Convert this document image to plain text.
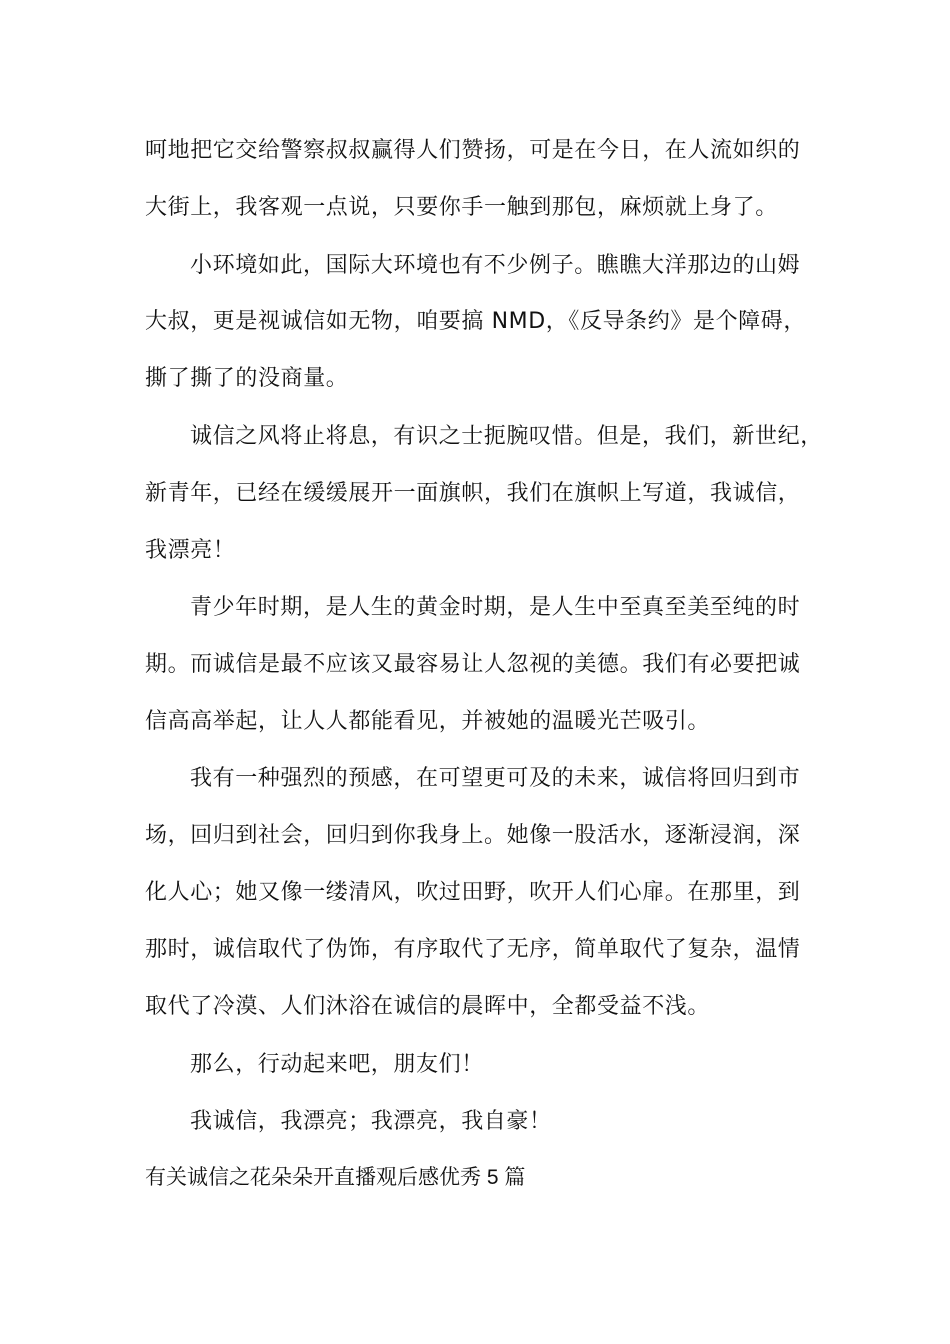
呵地把它交给警察叔叔赢得人们赞扬，可是在今日，在人流如织的
大街上，我客观一点说，只要你手一触到那包，麻烦就上身了。
小环境如此，国际大环境也有不少例子。瞧瞧大洋那边的山姆
大叔，更是视诚信如无物，咱要搞 NMD，《反导条约》是个障碍，
撕了撕了的没商量。
诚信之风将止将息，有识之士扼腕叹惜。但是，我们，新世纪，
新青年，已经在缓缓展开一面旗帜，我们在旗帜上写道，我诚信，
我漂亮！
青少年时期，是人生的黄金时期，是人生中至真至美至纯的时
期。而诚信是最不应该又最容易让人忽视的美德。我们有必要把诚
信高高举起，让人人都能看见，并被她的温暖光芒吸引。
我有一种强烈的预感，在可望更可及的未来，诚信将回归到市
场，回归到社会，回归到你我身上。她像一股活水，逐渐浸润，深
化人心；她又像一缕清风，吹过田野，吹开人们心扉。在那里，到
那时，诚信取代了伪饰，有序取代了无序，简单取代了复杂，温情
取代了冷漠、人们沐浴在诚信的晨晖中，全都受益不浅。
那么，行动起来吧，朋友们！
我诚信，我漂亮；我漂亮，我自豪！
有关诚信之花朵朵开直播观后感优秀 5 篇
